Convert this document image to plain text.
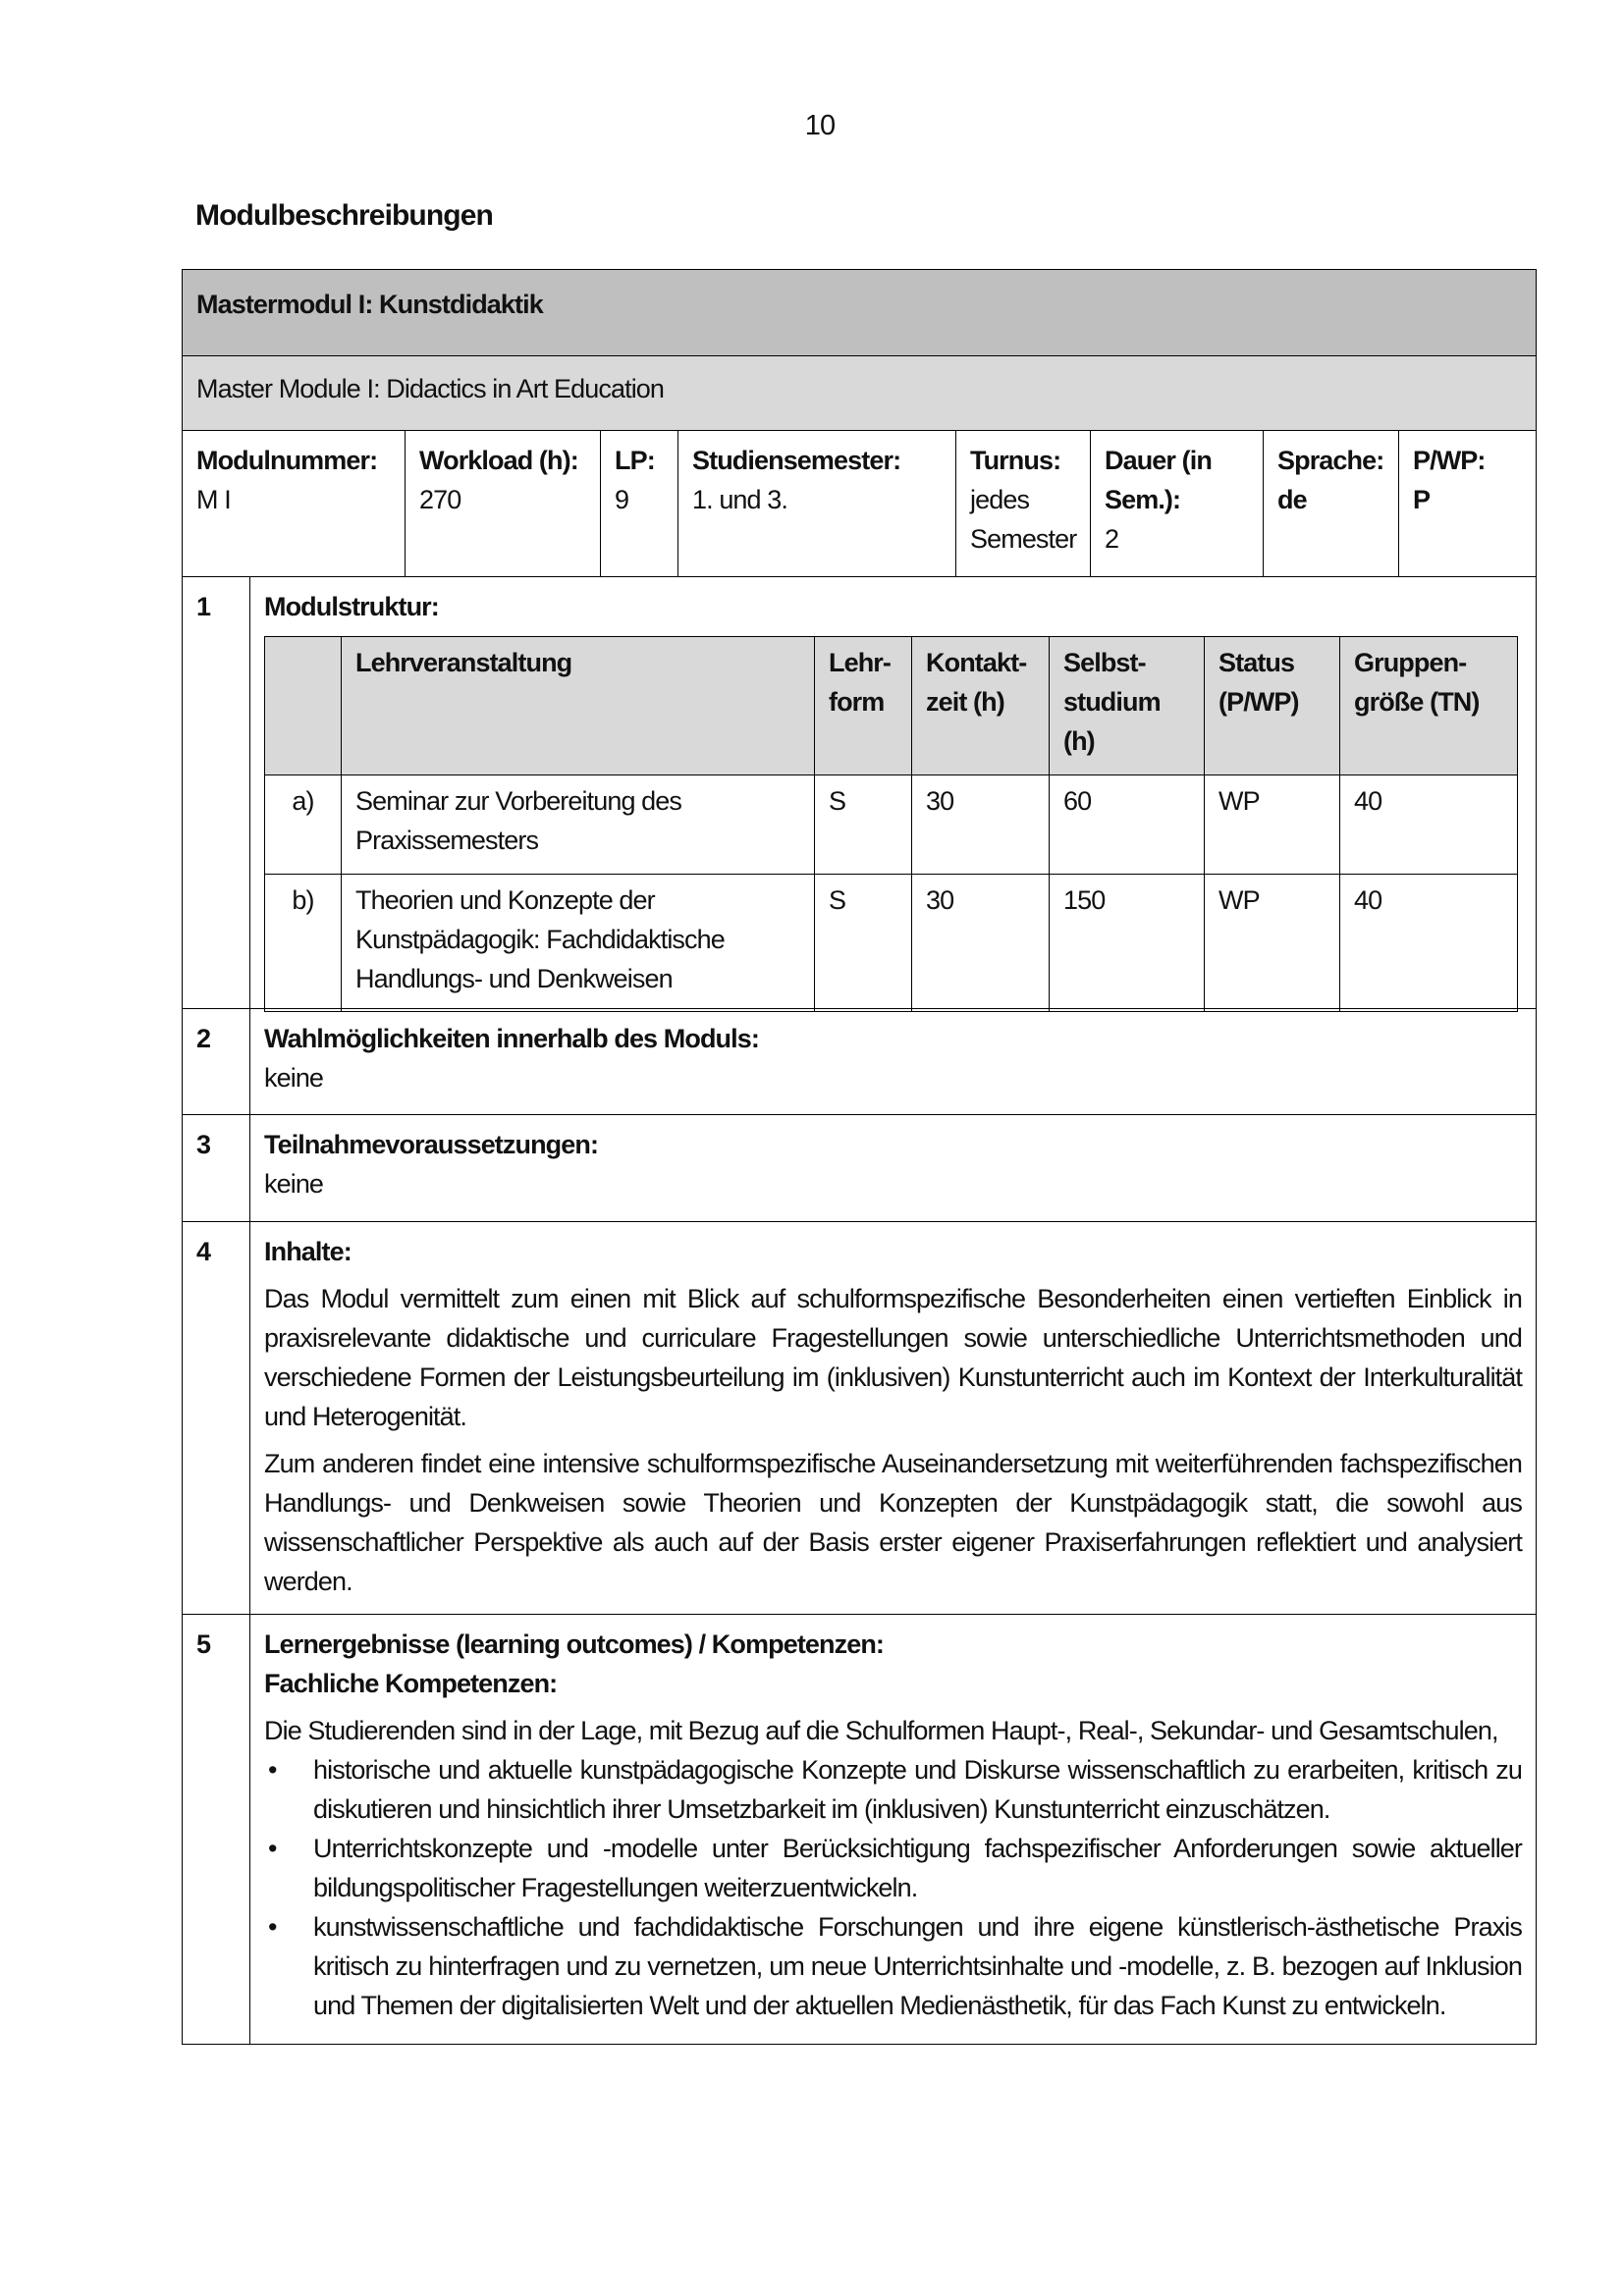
10
Modulbeschreibungen
Mastermodul I: Kunstdidaktik
Master Module I: Didactics in Art Education
Modulnummer:
M I
Workload (h):
270
LP:
9
Studiensemester:
1. und 3.
Turnus:
jedes Semester
Dauer (in Sem.):
2
Sprache:
de
P/WP:
P
1	Modulstruktur:
	Lehrveranstaltung	Lehr-form	Kontakt-zeit (h)	Selbst-studium (h)	Status (P/WP)	Gruppen-größe (TN)
a)	Seminar zur Vorbereitung des Praxissemesters	S	30	60	WP	40
b)	Theorien und Konzepte der Kunstpädagogik: Fachdidaktische Handlungs- und Denkweisen	S	30	150	WP	40
2	Wahlmöglichkeiten innerhalb des Moduls:
keine
3	Teilnahmevoraussetzungen:
keine
4	Inhalte:
Das Modul vermittelt zum einen mit Blick auf schulformspezifische Besonderheiten einen vertieften Einblick in praxisrelevante didaktische und curriculare Fragestellungen sowie unterschiedliche Unterrichtsmethoden und verschiedene Formen der Leistungsbeurteilung im (inklusiven) Kunstunterricht auch im Kontext der Interkulturalität und Heterogenität.
Zum anderen findet eine intensive schulformspezifische Auseinandersetzung mit weiterführenden fachspezifischen Handlungs- und Denkweisen sowie Theorien und Konzepten der Kunstpädagogik statt, die sowohl aus wissenschaftlicher Perspektive als auch auf der Basis erster eigener Praxiserfahrungen reflektiert und analysiert werden.
5	Lernergebnisse (learning outcomes) / Kompetenzen:
Fachliche Kompetenzen:
Die Studierenden sind in der Lage, mit Bezug auf die Schulformen Haupt-, Real-, Sekundar- und Gesamtschulen,
• historische und aktuelle kunstpädagogische Konzepte und Diskurse wissenschaftlich zu erarbeiten, kritisch zu diskutieren und hinsichtlich ihrer Umsetzbarkeit im (inklusiven) Kunstunterricht einzuschätzen.
• Unterrichtskonzepte und -modelle unter Berücksichtigung fachspezifischer Anforderungen sowie aktueller bildungspolitischer Fragestellungen weiterzuentwickeln.
• kunstwissenschaftliche und fachdidaktische Forschungen und ihre eigene künstlerisch-ästhetische Praxis kritisch zu hinterfragen und zu vernetzen, um neue Unterrichtsinhalte und -modelle, z. B. bezogen auf Inklusion und Themen der digitalisierten Welt und der aktuellen Medienästhetik, für das Fach Kunst zu entwickeln.
